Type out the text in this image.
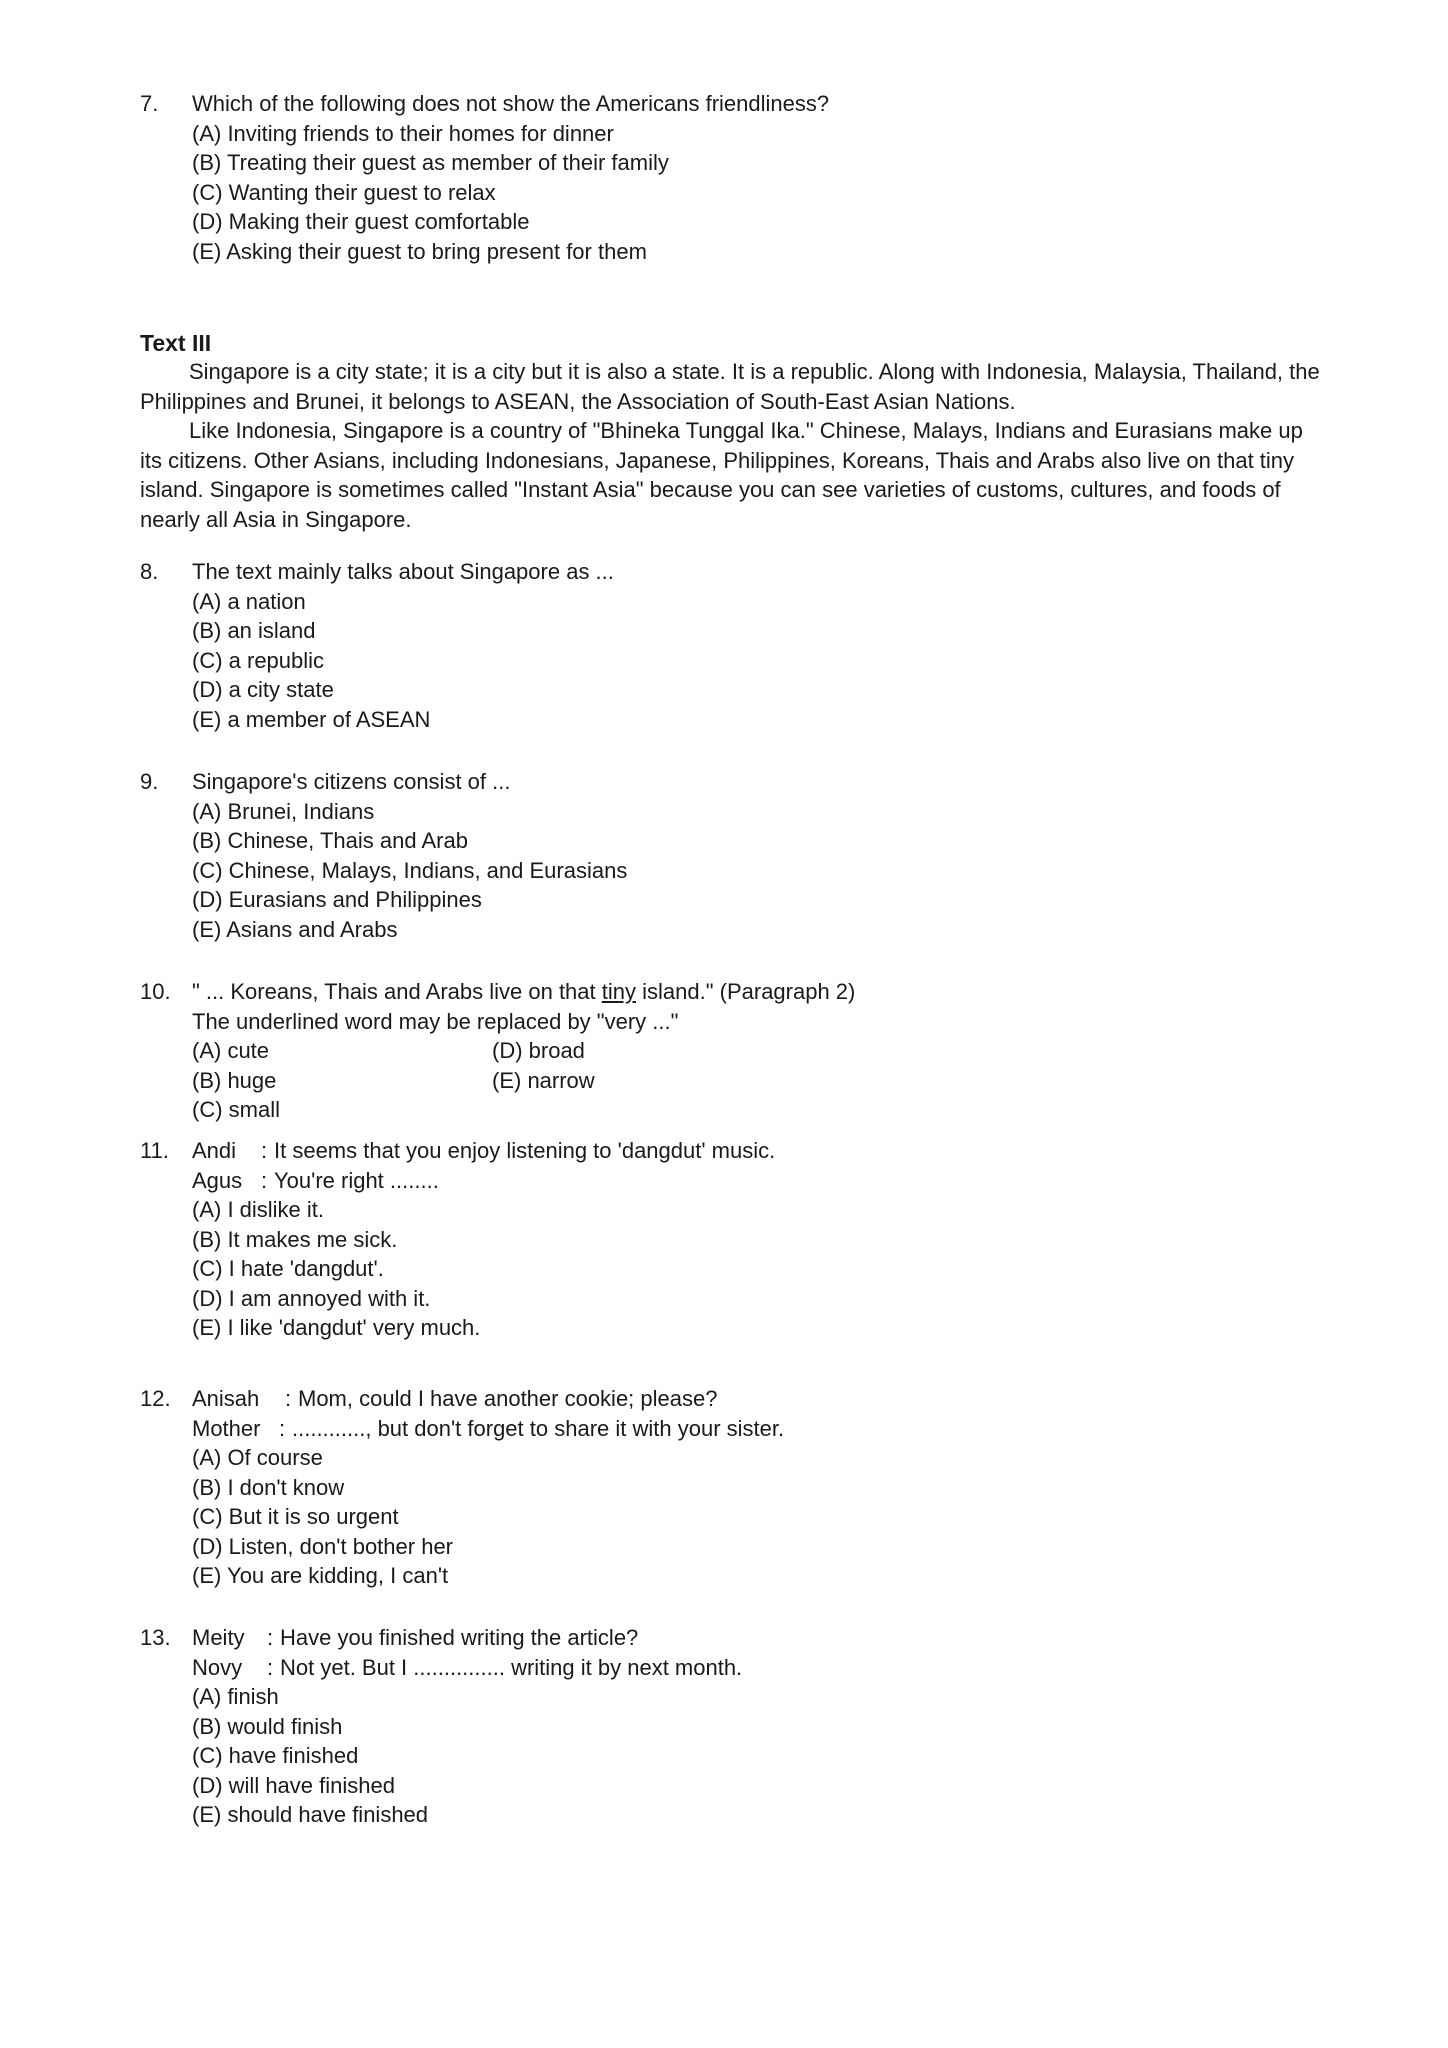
7. Which of the following does not show the Americans friendliness?
(A) Inviting friends to their homes for dinner
(B) Treating their guest as member of their family
(C) Wanting their guest to relax
(D) Making their guest comfortable
(E) Asking their guest to bring present for them
Text III

Singapore is a city state; it is a city but it is also a state. It is a republic. Along with Indonesia, Malaysia, Thailand, the Philippines and Brunei, it belongs to ASEAN, the Association of South-East Asian Nations.

Like Indonesia, Singapore is a country of "Bhineka Tunggal Ika." Chinese, Malays, Indians and Eurasians make up its citizens. Other Asians, including Indonesians, Japanese, Philippines, Koreans, Thais and Arabs also live on that tiny island. Singapore is sometimes called "Instant Asia" because you can see varieties of customs, cultures, and foods of nearly all Asia in Singapore.

8. The text mainly talks about Singapore as ...
(A) a nation
(B) an island
(C) a republic
(D) a city state
(E) a member of ASEAN
9. Singapore's citizens consist of ...
(A) Brunei, Indians
(B) Chinese, Thais and Arab
(C) Chinese, Malays, Indians, and Eurasians
(D) Eurasians and Philippines
(E) Asians and Arabs
10. " ... Koreans, Thais and Arabs live on that tiny island." (Paragraph 2)
The underlined word may be replaced by "very ..."
(A) cute	(D) broad
(B) huge	(E) narrow
(C) small
11. Andi	: It seems that you enjoy listening to 'dangdut' music.
Agus : You're right ........
(A) I dislike it.
(B) It makes me sick.
(C) I hate 'dangdut'.
(D) I am annoyed with it.
(E) I like 'dangdut' very much.
12. Anisah	: Mom, could I have another cookie; please?
Mother : ............, but don't forget to share it with your sister.
(A) Of course
(B) I don't know
(C) But it is so urgent
(D) Listen, don't bother her
(E) You are kidding, I can't
13. Meity	: Have you finished writing the article?
Novy	: Not yet. But I ............... writing it by next month.
(A) finish
(B) would finish
(C) have finished
(D) will have finished
(E) should have finished
